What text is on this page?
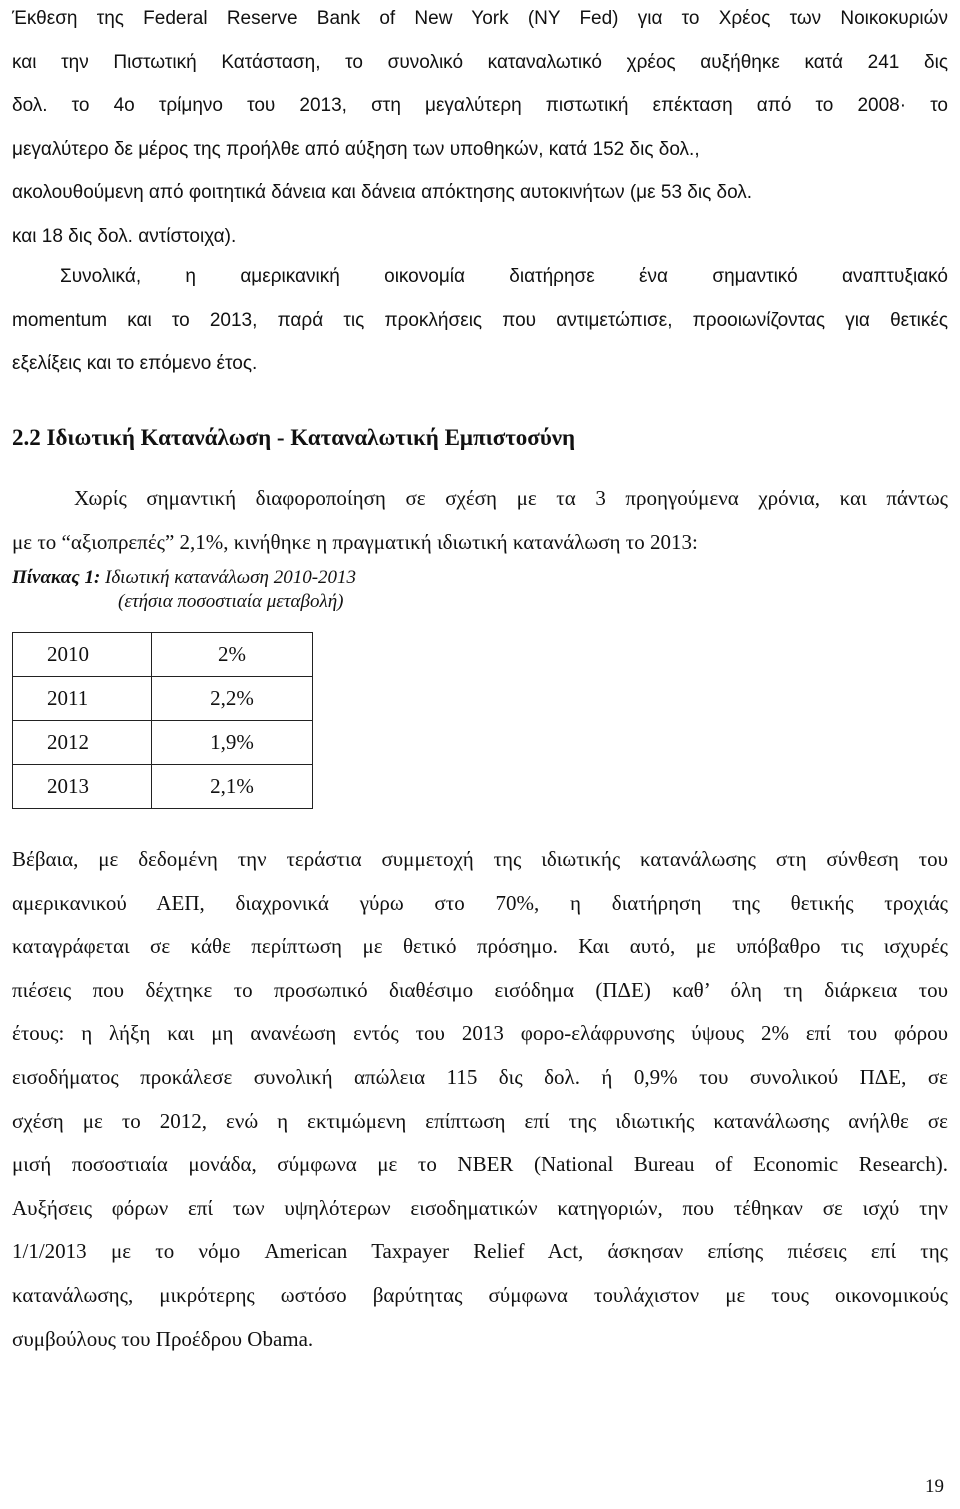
Έκθεση της Federal Reserve Bank of New York (NY Fed) για το Χρέος των Νοικοκυριών
και την Πιστωτική Κατάσταση, το συνολικό καταναλωτικό χρέος αυξήθηκε κατά 241 δις
δολ. το 4ο τρίμηνο του 2013, στη μεγαλύτερη πιστωτική επέκταση από το 2008· το
μεγαλύτερο δε μέρος της προήλθε από αύξηση των υποθηκών, κατά 152 δις δολ.,
ακολουθούμενη από φοιτητικά δάνεια και δάνεια απόκτησης αυτοκινήτων (με 53 δις δολ.
και 18 δις δολ. αντίστοιχα).
Συνολικά, η αμερικανική οικονομία διατήρησε ένα σημαντικό αναπτυξιακό
momentum και το 2013, παρά τις προκλήσεις που αντιμετώπισε, προοιωνίζοντας για θετικές
εξελίξεις και το επόμενο έτος.
2.2 Ιδιωτική Κατανάλωση - Καταναλωτική Εμπιστοσύνη
Χωρίς σημαντική διαφοροποίηση σε σχέση με τα 3 προηγούμενα χρόνια, και πάντως
με το “αξιοπρεπές” 2,1%, κινήθηκε η πραγματική ιδιωτική κατανάλωση το 2013:
Πίνακας 1: Ιδιωτική κατανάλωση 2010-2013
(ετήσια ποσοστιαία μεταβολή)
2010	2%
2011	2,2%
2012	1,9%
2013	2,1%
Βέβαια, με δεδομένη την τεράστια συμμετοχή της ιδιωτικής κατανάλωσης στη σύνθεση του
αμερικανικού ΑΕΠ, διαχρονικά γύρω στο 70%, η διατήρηση της θετικής τροχιάς
καταγράφεται σε κάθε περίπτωση με θετικό πρόσημο. Και αυτό, με υπόβαθρο τις ισχυρές
πιέσεις που δέχτηκε το προσωπικό διαθέσιμο εισόδημα (ΠΔΕ) καθ’ όλη τη διάρκεια του
έτους: η λήξη και μη ανανέωση εντός του 2013 φορο-ελάφρυνσης ύψους 2% επί του φόρου
εισοδήματος προκάλεσε συνολική απώλεια 115 δις δολ. ή 0,9% του συνολικού ΠΔΕ, σε
σχέση με το 2012, ενώ η εκτιμώμενη επίπτωση επί της ιδιωτικής κατανάλωσης ανήλθε σε
μισή ποσοστιαία μονάδα, σύμφωνα με το NBER (National Bureau of Economic Research).
Αυξήσεις φόρων επί των υψηλότερων εισοδηματικών κατηγοριών, που τέθηκαν σε ισχύ την
1/1/2013 με το νόμο American Taxpayer Relief Act, άσκησαν επίσης πιέσεις επί της
κατανάλωσης, μικρότερης ωστόσο βαρύτητας σύμφωνα τουλάχιστον με τους οικονομικούς
συμβούλους του Προέδρου Obama.
19
